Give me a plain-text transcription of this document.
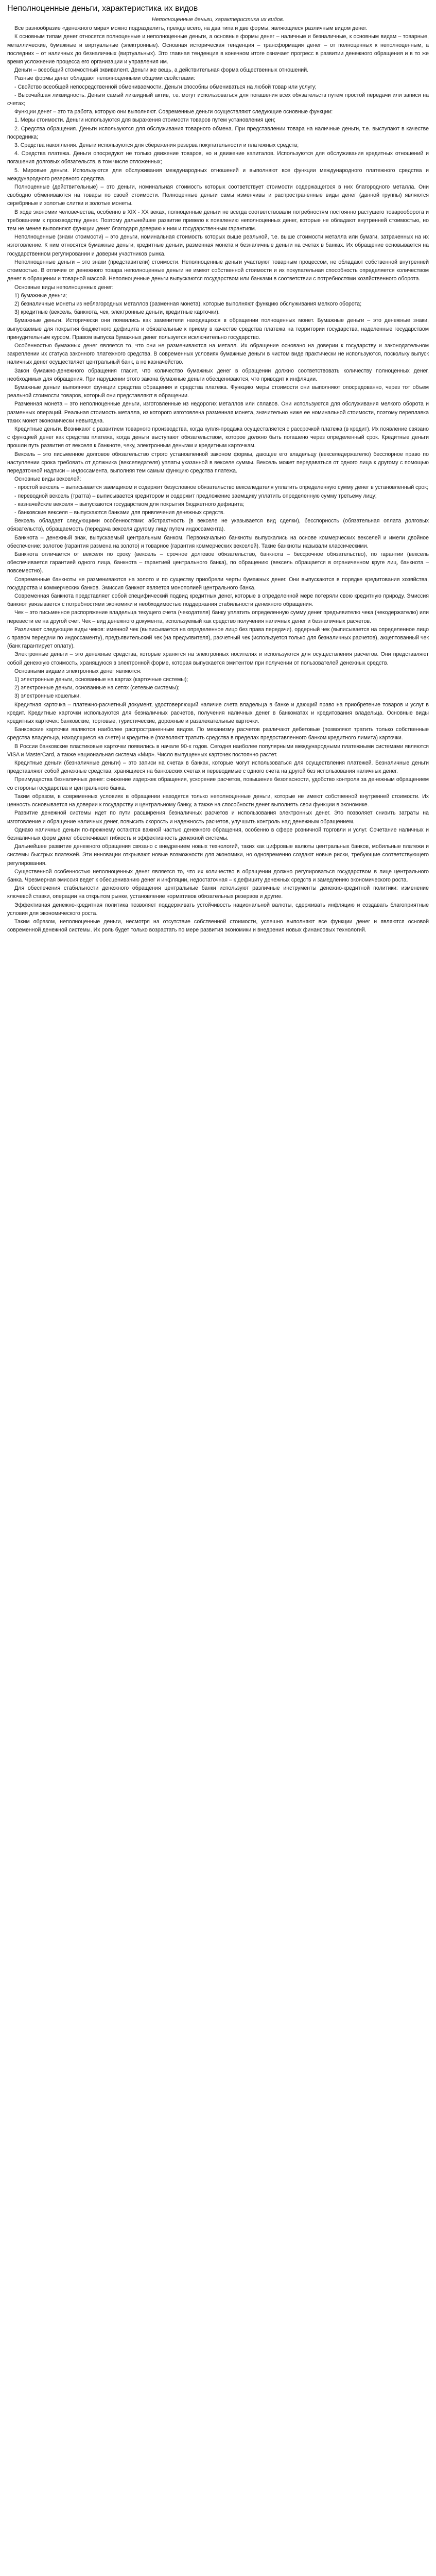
Неполноценные деньги, характеристика их видов

Неполноценные деньги, характеристика их видов.

Все разнообразие «денежного мира» можно подразделить, прежде всего, на два типа и две формы, являющиеся различным видом денег.

К основным типам денег относятся полноценные и неполноценные деньги, а основные формы денег – наличные и безналичные, к основным видам – товарные, металлические, бумажные и виртуальные (электронные). Основная историческая тенденция – трансформация денег – от полноценных к неполноценным, а последних – от наличных до безналичных (виртуальных). Это главная тенденция в конечном итоге означает прогресс в развитии денежного обращения и в то же время усложнение процесса его организации и управления им.

Деньги – всеобщий стоимостный эквивалент. Деньги же вещь, а действительная форма общественных отношений.

Разные формы денег обладают неполноценными общими свойствами:

- Свойство всеобщей непосредственной обмениваемости. Деньги способны обмениваться на любой товар или услугу;

- Высочайшая ликвидность. Деньги самый ликвидный актив, т.е. могут использоваться для погашения всех обязательств путем простой передачи или записи на счетах;

Функции денег – это та работа, которую они выполняют. Современные деньги осуществляют следующие основные функции:

1. Меры стоимости. Деньги используются для выражения стоимости товаров путем установления цен;

2. Средства обращения. Деньги используются для обслуживания товарного обмена. При представлении товара на наличные деньги, т.е. выступают в качестве посредника;

3. Средства накопления. Деньги используются для сбережения резерва покупательности и платежных средств;

4. Средства платежа. Деньги опосредуют не только движение товаров, но и движение капиталов. Используются для обслуживания кредитных отношений и погашения долговых обязательств, в том числе отложенных;

5. Мировые деньги. Используются для обслуживания международных отношений и выполняют все функции международного платежного средства и международного резервного средства.

Полноценные (действительные) – это деньги, номинальная стоимость которых соответствует стоимости содержащегося в них благородного металла. Они свободно обмениваются на товары по своей стоимости. Полноценные деньги самы изменчивы и распространенные виды денег (данной группы) являются серебряные и золотые слитки и золотые монеты.

В ходе экономии человечества, особенно в XIX - XX веках, полноценные деньги не всегда соответствовали потребностям постоянно растущего товарооборота и требованиям к производству денег. Поэтому дальнейшее развитие привело к появлению неполноценных денег, которые не обладают внутренней стоимостью, но тем не менее выполняют функции денег благодаря доверию к ним и государственным гарантиям.

Неполноценные (знаки стоимости) – это деньги, номинальная стоимость которых выше реальной, т.е. выше стоимости металла или бумаги, затраченных на их изготовление. К ним относятся бумажные деньги, кредитные деньги, разменная монета и безналичные деньги на счетах в банках. Их обращение основывается на государственном регулировании и доверии участников рынка.

Неполноценные деньги – это знаки (представители) стоимости. Неполноценные деньги участвуют товарным процессом, не обладают собственной внутренней стоимостью. В отличие от денежного товара неполноценные деньги не имеют собственной стоимости и их покупательная способность определяется количеством денег в обращении и товарной массой. Неполноценные деньги выпускаются государством или банками в соответствии с потребностями хозяйственного оборота.

Основные виды неполноценных денег:

1) бумажные деньги;

2) безналичные монеты из неблагородных металлов (разменная монета), которые выполняют функцию обслуживания мелкого оборота;

3) кредитные (вексель, банкнота, чек, электронные деньги, кредитные карточки).

Бумажные деньги. Исторически они появились как заменители находящихся в обращении полноценных монет. Бумажные деньги – это денежные знаки, выпускаемые для покрытия бюджетного дефицита и обязательные к приему в качестве средства платежа на территории государства, наделенные государством принудительным курсом. Правом выпуска бумажных денег пользуется исключительно государство.

Особенностью бумажных денег является то, что они не размениваются на металл. Их обращение основано на доверии к государству и законодательном закреплении их статуса законного платежного средства. В современных условиях бумажные деньги в чистом виде практически не используются, поскольку выпуск наличных денег осуществляет центральный банк, а не казначейство.

Закон бумажно-денежного обращения гласит, что количество бумажных денег в обращении должно соответствовать количеству полноценных денег, необходимых для обращения. При нарушении этого закона бумажные деньги обесцениваются, что приводит к инфляции.

Бумажные деньги выполняют функции средства обращения и средства платежа. Функцию меры стоимости они выполняют опосредованно, через тот объем реальной стоимости товаров, который они представляют в обращении.

Разменная монета – это неполноценные деньги, изготовленные из недорогих металлов или сплавов. Они используются для обслуживания мелкого оборота и разменных операций. Реальная стоимость металла, из которого изготовлена разменная монета, значительно ниже ее номинальной стоимости, поэтому переплавка таких монет экономически невыгодна.

Кредитные деньги. Возникают с развитием товарного производства, когда купля-продажа осуществляется с рассрочкой платежа (в кредит). Их появление связано с функцией денег как средства платежа, когда деньги выступают обязательством, которое должно быть погашено через определенный срок. Кредитные деньги прошли путь развития от векселя к банкноте, чеку, электронным деньгам и кредитным карточкам.

Вексель – это письменное долговое обязательство строго установленной законом формы, дающее его владельцу (векселедержателю) бесспорное право по наступлении срока требовать от должника (векселедателя) уплаты указанной в векселе суммы. Вексель может передаваться от одного лица к другому с помощью передаточной надписи – индоссамента, выполняя тем самым функцию средства платежа.

Основные виды векселей:

- простой вексель – выписывается заемщиком и содержит безусловное обязательство векселедателя уплатить определенную сумму денег в установленный срок;

- переводной вексель (тратта) – выписывается кредитором и содержит предложение заемщику уплатить определенную сумму третьему лицу;

- казначейские векселя – выпускаются государством для покрытия бюджетного дефицита;

- банковские векселя – выпускаются банками для привлечения денежных средств.

Вексель обладает следующими особенностями: абстрактность (в векселе не указывается вид сделки), бесспорность (обязательная оплата долговых обязательств), обращаемость (передача векселя другому лицу путем индоссамента).

Банкнота – денежный знак, выпускаемый центральным банком. Первоначально банкноты выпускались на основе коммерческих векселей и имели двойное обеспечение: золотое (гарантия размена на золото) и товарное (гарантия коммерческих векселей). Такие банкноты называли классическими.

Банкнота отличается от векселя по сроку (вексель – срочное долговое обязательство, банкнота – бессрочное обязательство), по гарантии (вексель обеспечивается гарантией одного лица, банкнота – гарантией центрального банка), по обращению (вексель обращается в ограниченном круге лиц, банкнота – повсеместно).

Современные банкноты не размениваются на золото и по существу приобрели черты бумажных денег. Они выпускаются в порядке кредитования хозяйства, государства и коммерческих банков. Эмиссия банкнот является монополией центрального банка.

Современная банкнота представляет собой специфический подвид кредитных денег, которые в определенной мере потеряли свою кредитную природу. Эмиссия банкнот увязывается с потребностями экономики и необходимостью поддержания стабильности денежного обращения.

Чек – это письменное распоряжение владельца текущего счета (чекодателя) банку уплатить определенную сумму денег предъявителю чека (чекодержателю) или перевести ее на другой счет. Чек – вид денежного документа, используемый как средство получения наличных денег и безналичных расчетов.

Различают следующие виды чеков: именной чек (выписывается на определенное лицо без права передачи), ордерный чек (выписывается на определенное лицо с правом передачи по индоссаменту), предъявительский чек (на предъявителя), расчетный чек (используется только для безналичных расчетов), акцептованный чек (банк гарантирует оплату).

Электронные деньги – это денежные средства, которые хранятся на электронных носителях и используются для осуществления расчетов. Они представляют собой денежную стоимость, хранящуюся в электронной форме, которая выпускается эмитентом при получении от пользователей денежных средств.

Основными видами электронных денег являются:

1) электронные деньги, основанные на картах (карточные системы);

2) электронные деньги, основанные на сетях (сетевые системы);

3) электронные кошельки.

Кредитная карточка – платежно-расчетный документ, удостоверяющий наличие счета владельца в банке и дающий право на приобретение товаров и услуг в кредит. Кредитные карточки используются для безналичных расчетов, получения наличных денег в банкоматах и кредитования владельца. Основные виды кредитных карточек: банковские, торговые, туристические, дорожные и развлекательные карточки.

Банковские карточки являются наиболее распространенным видом. По механизму расчетов различают дебетовые (позволяют тратить только собственные средства владельца, находящиеся на счете) и кредитные (позволяют тратить средства в пределах предоставленного банком кредитного лимита) карточки.

В России банковские пластиковые карточки появились в начале 90-х годов. Сегодня наиболее популярными международными платежными системами являются VISA и MasterCard, а также национальная система «Мир». Число выпущенных карточек постоянно растет.

Кредитные деньги (безналичные деньги) – это записи на счетах в банках, которые могут использоваться для осуществления платежей. Безналичные деньги представляют собой денежные средства, хранящиеся на банковских счетах и переводимые с одного счета на другой без использования наличных денег.

Преимущества безналичных денег: снижение издержек обращения, ускорение расчетов, повышение безопасности, удобство контроля за денежным обращением со стороны государства и центрального банка.

Таким образом, в современных условиях в обращении находятся только неполноценные деньги, которые не имеют собственной внутренней стоимости. Их ценность основывается на доверии к государству и центральному банку, а также на способности денег выполнять свои функции в экономике.

Развитие денежной системы идет по пути расширения безналичных расчетов и использования электронных денег. Это позволяет снизить затраты на изготовление и обращение наличных денег, повысить скорость и надежность расчетов, улучшить контроль над денежным обращением.

Однако наличные деньги по-прежнему остаются важной частью денежного обращения, особенно в сфере розничной торговли и услуг. Сочетание наличных и безналичных форм денег обеспечивает гибкость и эффективность денежной системы.

Дальнейшее развитие денежного обращения связано с внедрением новых технологий, таких как цифровые валюты центральных банков, мобильные платежи и системы быстрых платежей. Эти инновации открывают новые возможности для экономики, но одновременно создают новые риски, требующие соответствующего регулирования.

Существенной особенностью неполноценных денег является то, что их количество в обращении должно регулироваться государством в лице центрального банка. Чрезмерная эмиссия ведет к обесцениванию денег и инфляции, недостаточная – к дефициту денежных средств и замедлению экономического роста.

Для обеспечения стабильности денежного обращения центральные банки используют различные инструменты денежно-кредитной политики: изменение ключевой ставки, операции на открытом рынке, установление нормативов обязательных резервов и другие.

Эффективная денежно-кредитная политика позволяет поддерживать устойчивость национальной валюты, сдерживать инфляцию и создавать благоприятные условия для экономического роста.

Таким образом, неполноценные деньги, несмотря на отсутствие собственной стоимости, успешно выполняют все функции денег и являются основой современной денежной системы. Их роль будет только возрастать по мере развития экономики и внедрения новых финансовых технологий.
